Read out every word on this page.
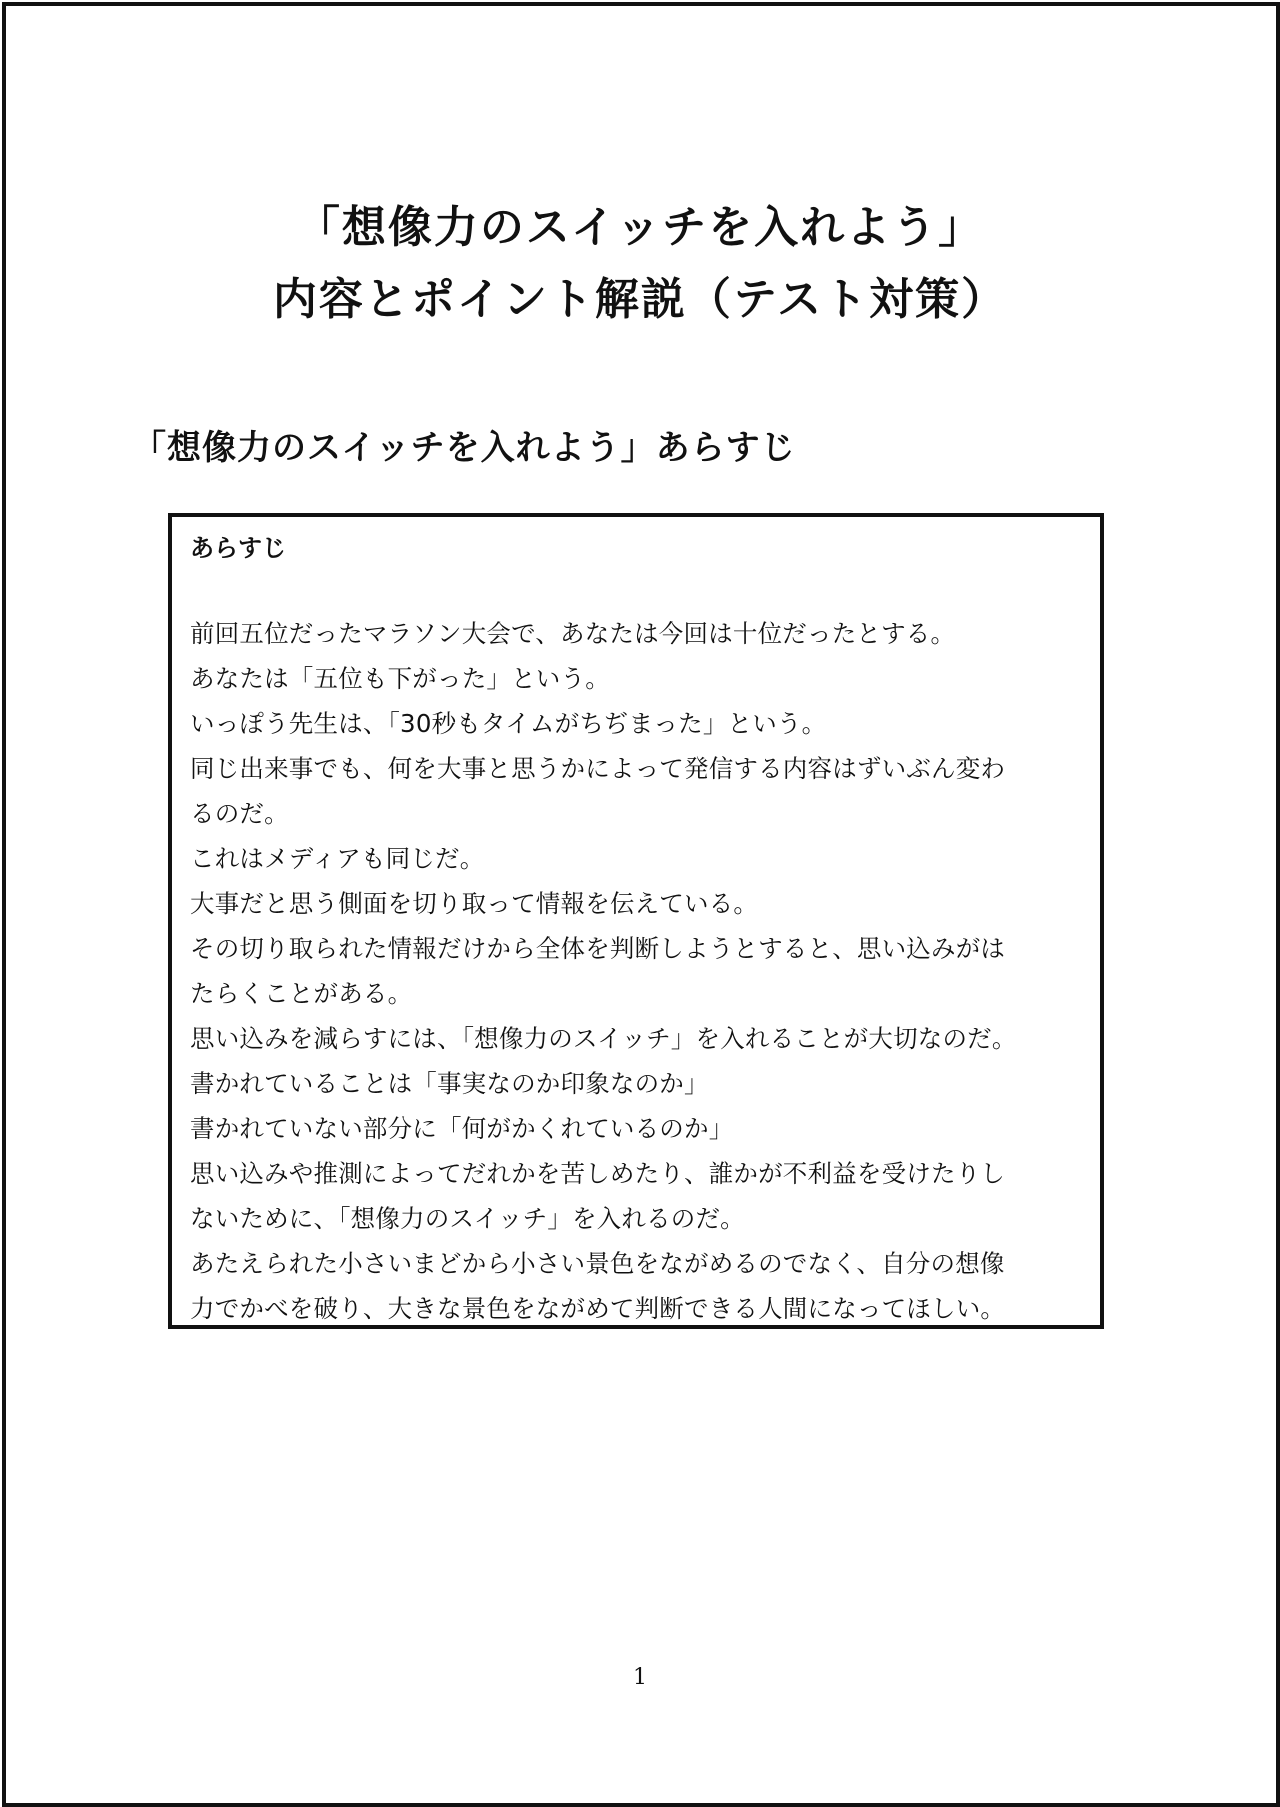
「想像力のスイッチを入れよう」
内容とポイント解説（テスト対策）
「想像力のスイッチを入れよう」あらすじ
あらすじ
前回五位だったマラソン大会で、あなたは今回は十位だったとする。
あなたは「五位も下がった」という。
いっぽう先生は、「30秒もタイムがちぢまった」という。
同じ出来事でも、何を大事と思うかによって発信する内容はずいぶん変わ
るのだ。
これはメディアも同じだ。
大事だと思う側面を切り取って情報を伝えている。
その切り取られた情報だけから全体を判断しようとすると、思い込みがは
たらくことがある。
思い込みを減らすには、「想像力のスイッチ」を入れることが大切なのだ。
書かれていることは「事実なのか印象なのか」
書かれていない部分に「何がかくれているのか」
思い込みや推測によってだれかを苦しめたり、誰かが不利益を受けたりし
ないために、「想像力のスイッチ」を入れるのだ。
あたえられた小さいまどから小さい景色をながめるのでなく、自分の想像
力でかべを破り、大きな景色をながめて判断できる人間になってほしい。
1
